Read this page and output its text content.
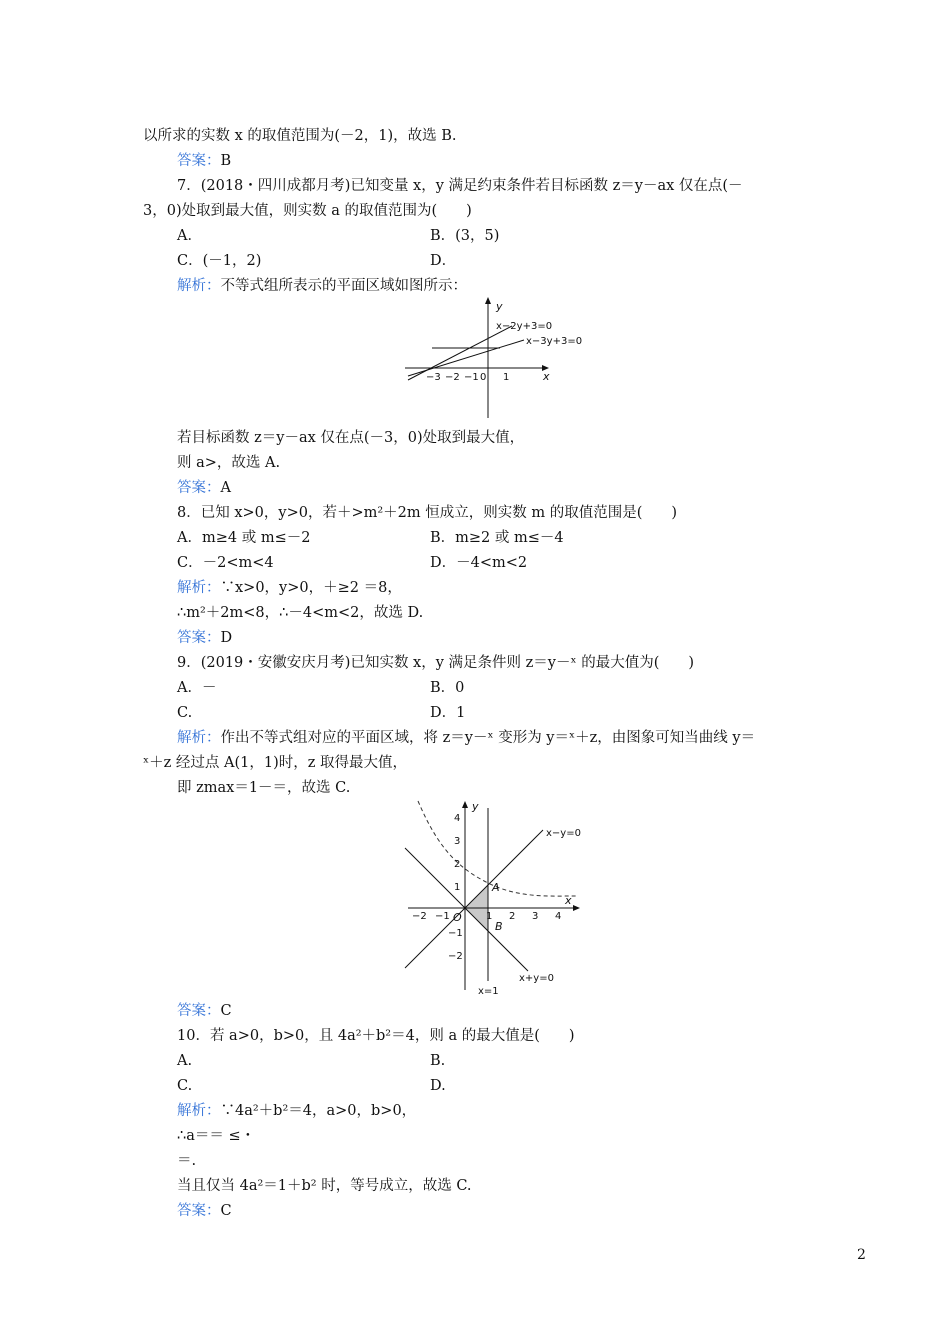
以所求的实数 x 的取值范围为(－2，1)，故选 B.
答案：B
7．(2018・四川成都月考)已知变量 x，y 满足约束条件若目标函数 z＝y－ax 仅在点(－
3，0)处取到最大值，则实数 a 的取值范围为(　　)
A．	B．(3，5)
C．(－1，2)	D．
解析：不等式组所表示的平面区域如图所示：
若目标函数 z＝y－ax 仅在点(－3，0)处取到最大值，
则 a>，故选 A.
答案：A
8．已知 x>0，y>0，若＋>m²＋2m 恒成立，则实数 m 的取值范围是(　　)
A．m≥4 或 m≤－2	B．m≥2 或 m≤－4
C．－2<m<4	D．－4<m<2
解析：∵x>0，y>0，＋≥2 ＝8，
∴m²＋2m<8，∴－4<m<2，故选 D.
答案：D
9．(2019・安徽安庆月考)已知实数 x，y 满足条件则 z＝y－ˣ 的最大值为(　　)
A．－	B．0
C.	D．1
解析：作出不等式组对应的平面区域，将 z＝y－ˣ 变形为 y＝ˣ＋z，由图象可知当曲线 y＝
ˣ＋z 经过点 A(1，1)时，z 取得最大值，
即 zmax＝1－＝，故选 C.
答案：C
10．若 a>0，b>0，且 4a²＋b²＝4，则 a 的最大值是(　　)
A.	B.
C.	D.
解析：∵4a²＋b²＝4，a>0，b>0，
∴a＝＝ ≤・
＝.
当且仅当 4a²＝1＋b² 时，等号成立，故选 C.
答案：C
y
x
x−2y+3=0
x−3y+3=0
−3 −2 −1 0 1
y
x
O
A
B
x−y=0
x+y=0
x=1
−2 −1	1 2 3 4
4
3
2
1
−1
−2
2
